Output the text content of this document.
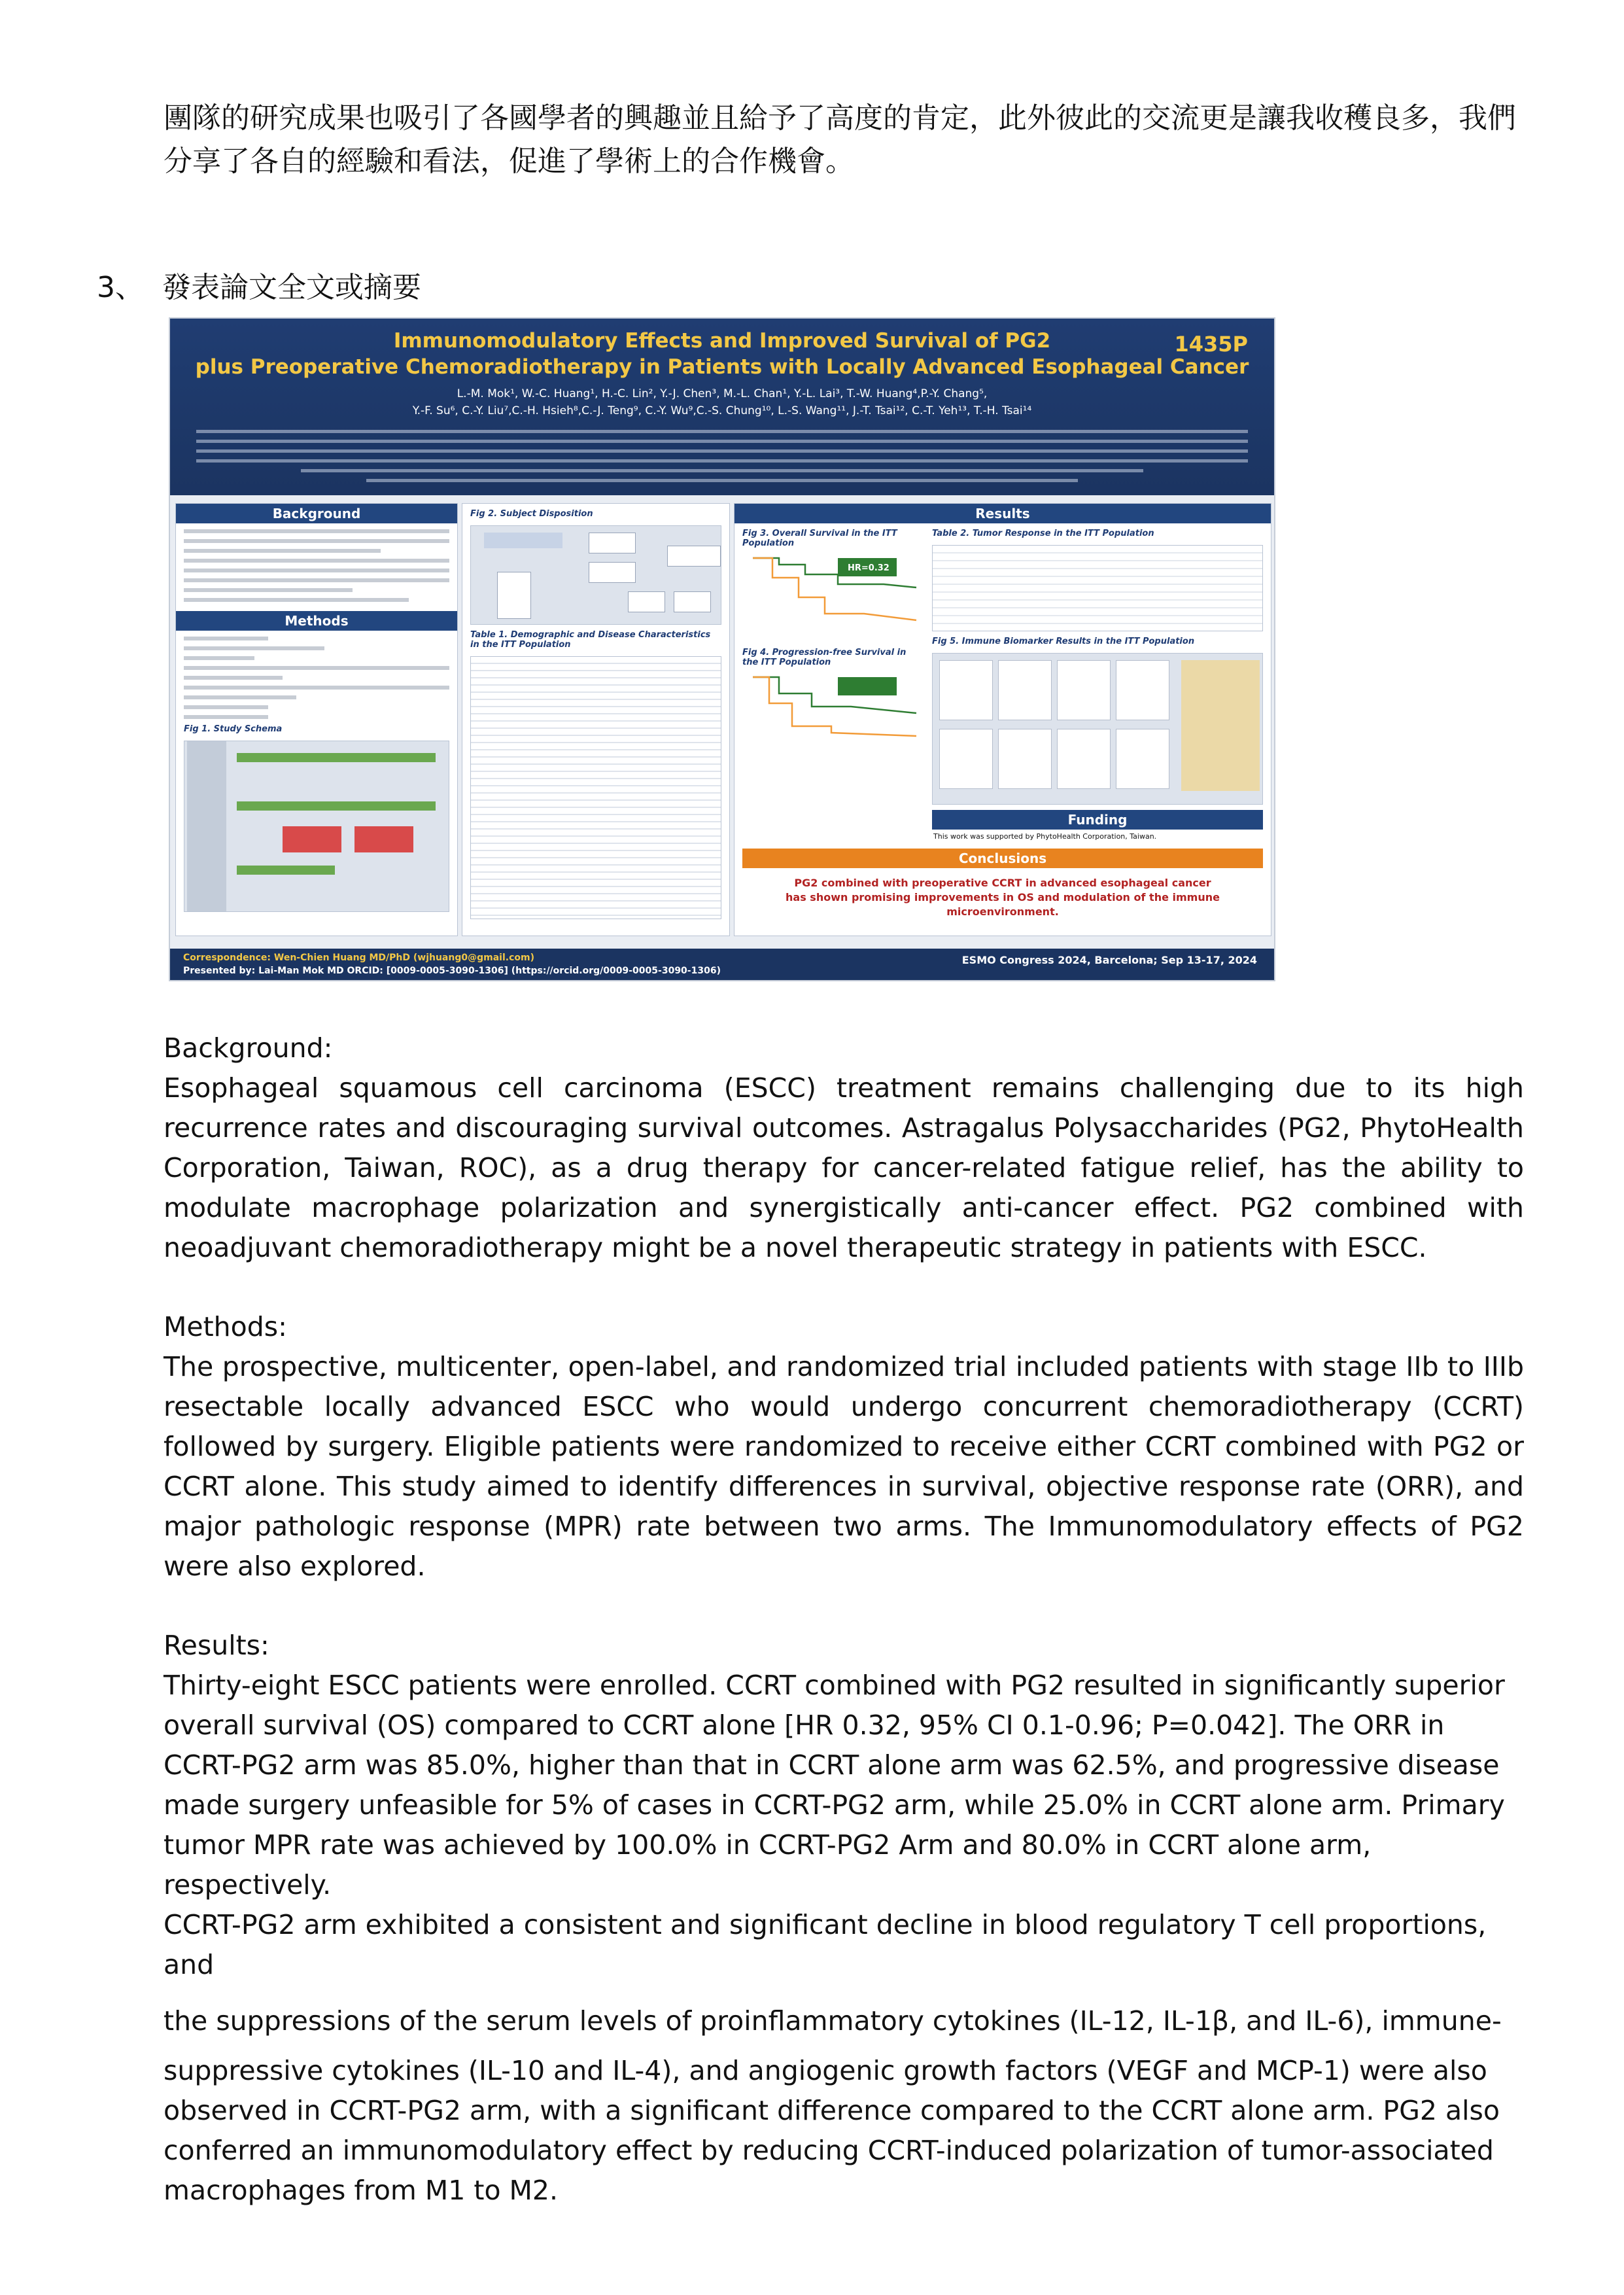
團隊的研究成果也吸引了各國學者的興趣並且給予了高度的肯定，此外彼此的交流更是讓我收穫良多，我們分享了各自的經驗和看法，促進了學術上的合作機會。

3、 發表論文全文或摘要
Immunomodulatory Effects and Improved Survival of PG2
plus Preoperative Chemoradiotherapy in Patients with Locally Advanced Esophageal Cancer
1435P
L.-M. Mok¹, W.-C. Huang¹, H.-C. Lin², Y.-J. Chen³, M.-L. Chan¹, Y.-L. Lai³, T.-W. Huang⁴,P.-Y. Chang⁵,
Y.-F. Su⁶, C.-Y. Liu⁷,C.-H. Hsieh⁸,C.-J. Teng⁹, C.-Y. Wu⁹,C.-S. Chung¹⁰, L.-S. Wang¹¹, J.-T. Tsai¹², C.-T. Yeh¹³, T.-H. Tsai¹⁴
Background
Methods
Fig 1. Study Schema
Fig 2. Subject Disposition
Table 1. Demographic and Disease Characteristics in the ITT Population
Results
Fig 3. Overall Survival in the ITT Population
HR=0.32
Fig 4. Progression-free Survival in the ITT Population
Table 2. Tumor Response in the ITT Population
Fig 5. Immune Biomarker Results in the ITT Population
Funding
This work was supported by PhytoHealth Corporation, Taiwan.
Conclusions
PG2 combined with preoperative CCRT in advanced esophageal cancer
has shown promising improvements in OS and modulation of the immune microenvironment.
Correspondence: Wen-Chien Huang MD/PhD (wjhuang0@gmail.com)
Presented by: Lai-Man Mok MD ORCID: [0009-0005-3090-1306] (https://orcid.org/0009-0005-3090-1306)
ESMO Congress 2024, Barcelona; Sep 13-17, 2024

Background:

Esophageal squamous cell carcinoma (ESCC) treatment remains challenging due to its high recurrence rates and discouraging survival outcomes. Astragalus Polysaccharides (PG2, PhytoHealth Corporation, Taiwan, ROC), as a drug therapy for cancer-related fatigue relief, has the ability to modulate macrophage polarization and synergistically anti-cancer effect. PG2 combined with neoadjuvant chemoradiotherapy might be a novel therapeutic strategy in patients with ESCC.

Methods:

The prospective, multicenter, open-label, and randomized trial included patients with stage IIb to IIIb resectable locally advanced ESCC who would undergo concurrent chemoradiotherapy (CCRT) followed by surgery. Eligible patients were randomized to receive either CCRT combined with PG2 or CCRT alone. This study aimed to identify differences in survival, objective response rate (ORR), and major pathologic response (MPR) rate between two arms. The Immunomodulatory effects of PG2 were also explored.

Results:

Thirty-eight ESCC patients were enrolled. CCRT combined with PG2 resulted in significantly superior

overall survival (OS) compared to CCRT alone [HR 0.32, 95% CI 0.1-0.96; P=0.042]. The ORR in

CCRT-PG2 arm was 85.0%, higher than that in CCRT alone arm was 62.5%, and progressive disease

made surgery unfeasible for 5% of cases in CCRT-PG2 arm, while 25.0% in CCRT alone arm. Primary

tumor MPR rate was achieved by 100.0% in CCRT-PG2 Arm and 80.0% in CCRT alone arm, respectively.

CCRT-PG2 arm exhibited a consistent and significant decline in blood regulatory T cell proportions, and

the suppressions of the serum levels of proinflammatory cytokines (IL-12, IL-1β, and IL-6), immune-

suppressive cytokines (IL-10 and IL-4), and angiogenic growth factors (VEGF and MCP-1) were also

observed in CCRT-PG2 arm, with a significant difference compared to the CCRT alone arm. PG2 also

conferred an immunomodulatory effect by reducing CCRT-induced polarization of tumor-associated

macrophages from M1 to M2.
